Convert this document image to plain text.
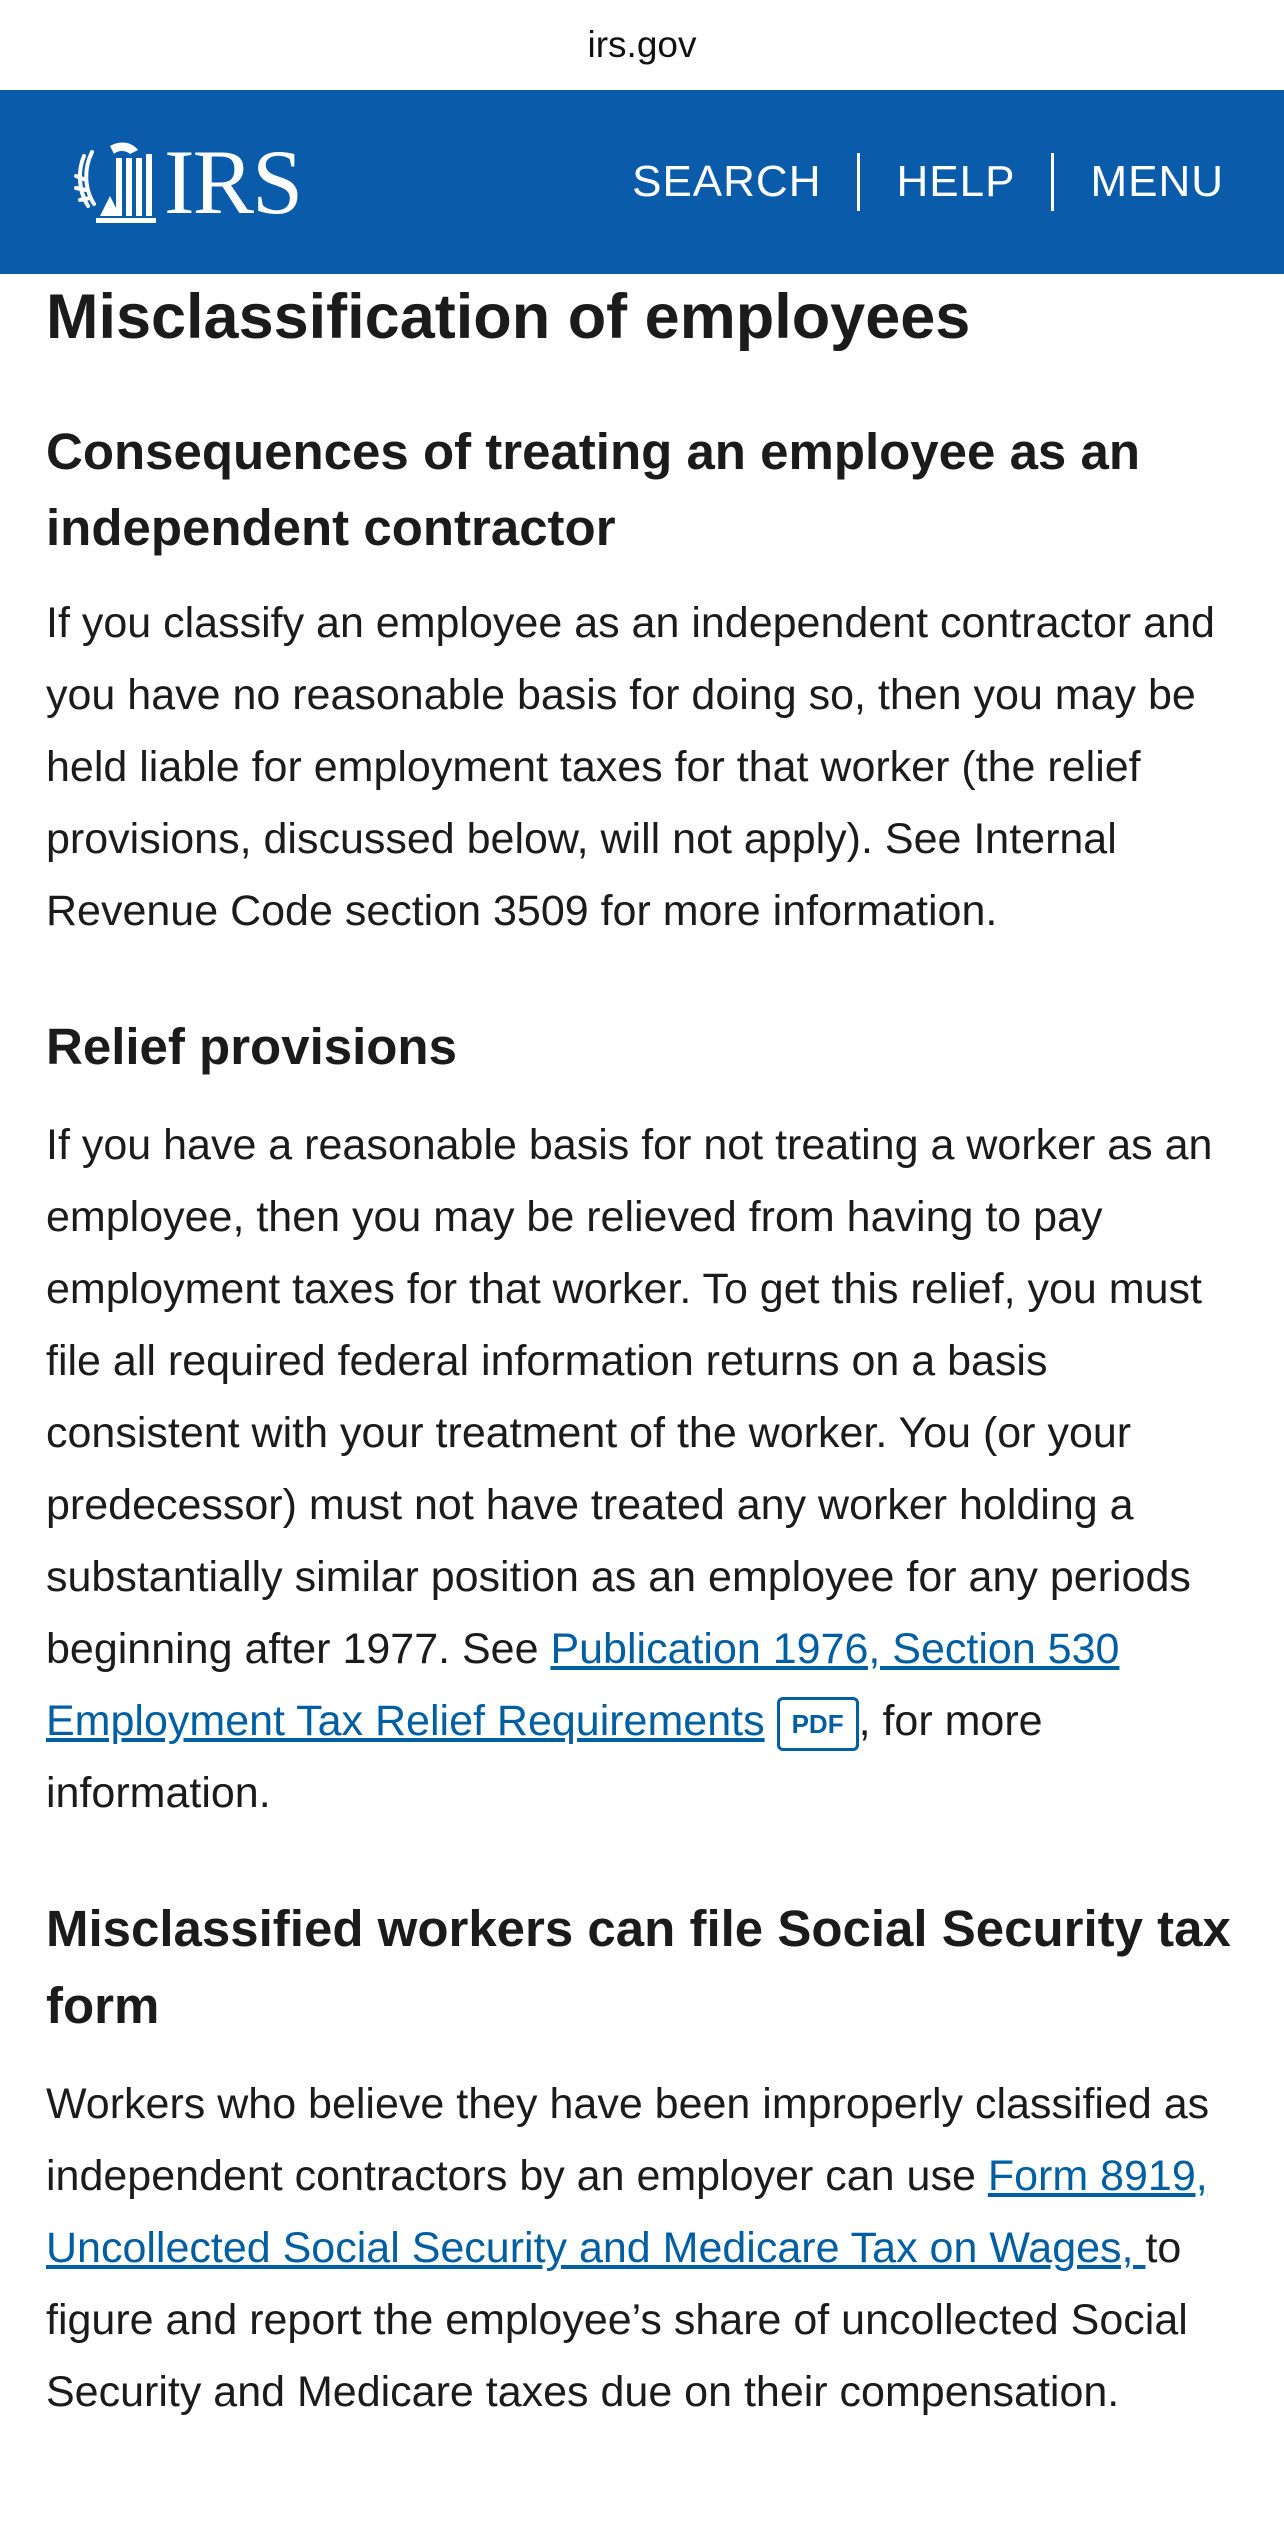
irs.gov
IRS	SEARCH	HELP	MENU
Misclassification of employees
Consequences of treating an employee as an independent contractor

If you classify an employee as an independent contractor and you have no reasonable basis for doing so, then you may be held liable for employment taxes for that worker (the relief provisions, discussed below, will not apply). See Internal Revenue Code section 3509 for more information.

Relief provisions

If you have a reasonable basis for not treating a worker as an employee, then you may be relieved from having to pay employment taxes for that worker. To get this relief, you must file all required federal information returns on a basis consistent with your treatment of the worker. You (or your predecessor) must not have treated any worker holding a substantially similar position as an employee for any periods beginning after 1977. See Publication 1976, Section 530 Employment Tax Relief Requirements PDF , for more information.

Misclassified workers can file Social Security tax form

Workers who believe they have been improperly classified as independent contractors by an employer can use Form 8919, Uncollected Social Security and Medicare Tax on Wages, to figure and report the employee’s share of uncollected Social Security and Medicare taxes due on their compensation.
